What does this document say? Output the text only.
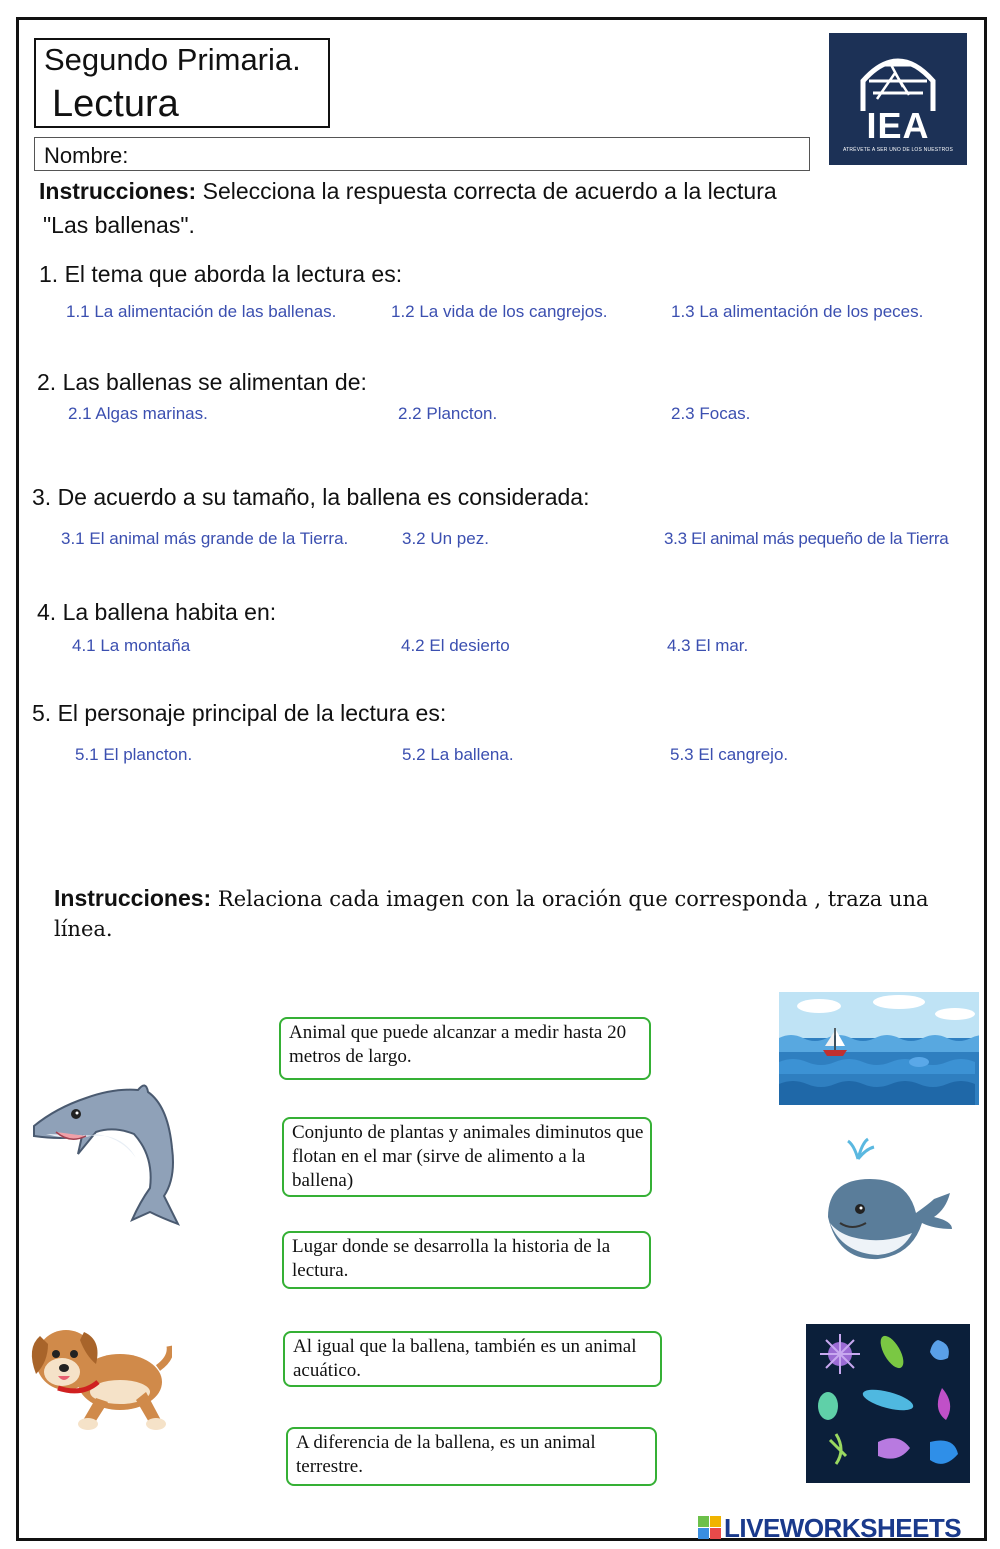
Segundo Primaria.
Lectura
Nombre:
IEA
ATRÉVETE A SER UNO DE LOS NUESTROS
Instrucciones: Selecciona la respuesta correcta de acuerdo a la lectura
"Las ballenas".
1. El tema que aborda la lectura es:
1.1 La alimentación de las ballenas.	1.2 La vida de los cangrejos.	1.3 La alimentación de los peces.
2. Las ballenas se alimentan de:
2.1 Algas marinas.	2.2 Plancton.	2.3 Focas.
3. De acuerdo a su tamaño, la ballena es considerada:
3.1 El animal más grande de la Tierra.	3.2 Un pez.	3.3 El animal más pequeño de la Tierra
4. La ballena habita en:
4.1 La montaña	4.2 El desierto	4.3 El mar.
5. El personaje principal de la lectura es:
5.1 El plancton.	5.2 La ballena.	5.3 El cangrejo.
Instrucciones: Relaciona cada imagen con la oración que corresponda , traza una línea.
Animal que puede alcanzar a medir hasta 20 metros de largo.
Conjunto de plantas y animales diminutos que flotan en el mar (sirve de alimento a la ballena)
Lugar donde se desarrolla la historia de la lectura.
Al igual que la ballena, también es un animal acuático.
A diferencia de la ballena, es un animal terrestre.
LIVEWORKSHEETS
